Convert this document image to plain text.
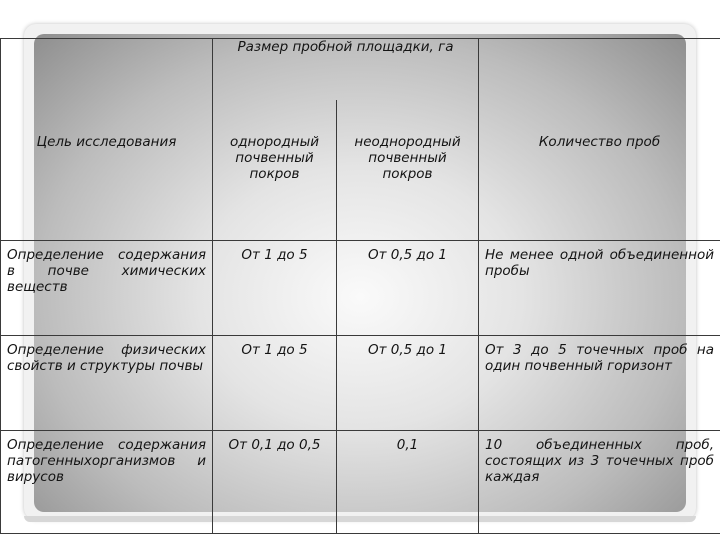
	Размер пробной площадки, га		
Цель исследования	однородный почвенный покров	неоднородный почвенный покров	Количество проб
Определение содержания в почве химических веществ	От 1 до 5	От 0,5 до 1	Не менее одной объединенной пробы
Определение физических свойств и структуры почвы	От 1 до 5	От 0,5 до 1	От 3 до 5 точечных проб на один почвенный горизонт
Определение содержания патогенныхорганизмов и вирусов	От 0,1 до 0,5	0,1	10 объединенных проб, состоящих из 3 точечных проб каждая
